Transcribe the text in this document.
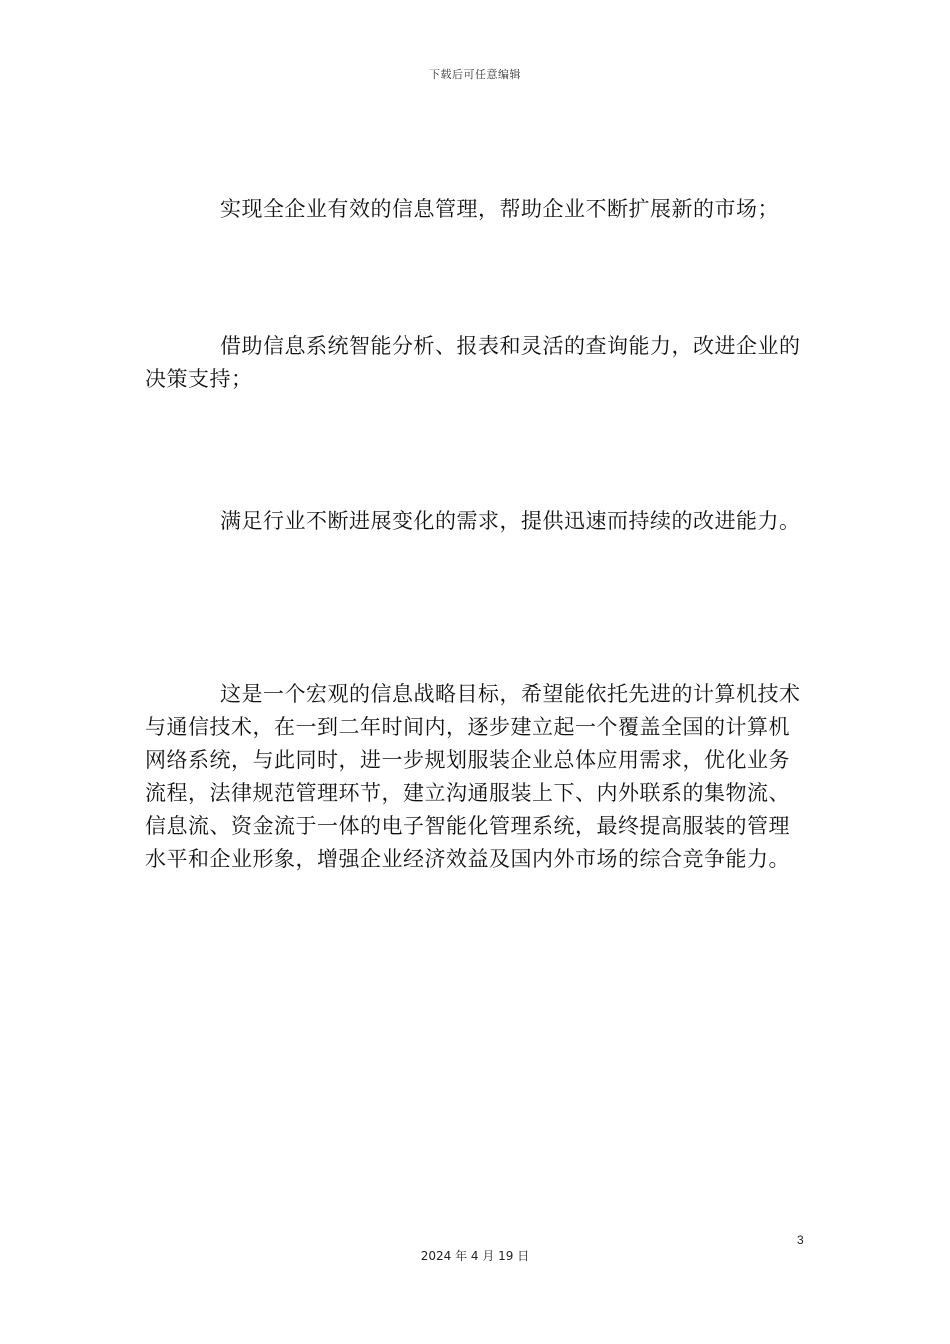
下载后可任意编辑

实现全企业有效的信息管理，帮助企业不断扩展新的市场；

借助信息系统智能分析、报表和灵活的查询能力，改进企业的决策支持；

满足行业不断进展变化的需求，提供迅速而持续的改进能力。

这是一个宏观的信息战略目标，希望能依托先进的计算机技术与通信技术，在一到二年时间内，逐步建立起一个覆盖全国的计算机网络系统，与此同时，进一步规划服装企业总体应用需求，优化业务流程，法律规范管理环节，建立沟通服装上下、内外联系的集物流、信息流、资金流于一体的电子智能化管理系统，最终提高服装的管理水平和企业形象，增强企业经济效益及国内外市场的综合竞争能力。

3
2024 年 4 月 19 日
